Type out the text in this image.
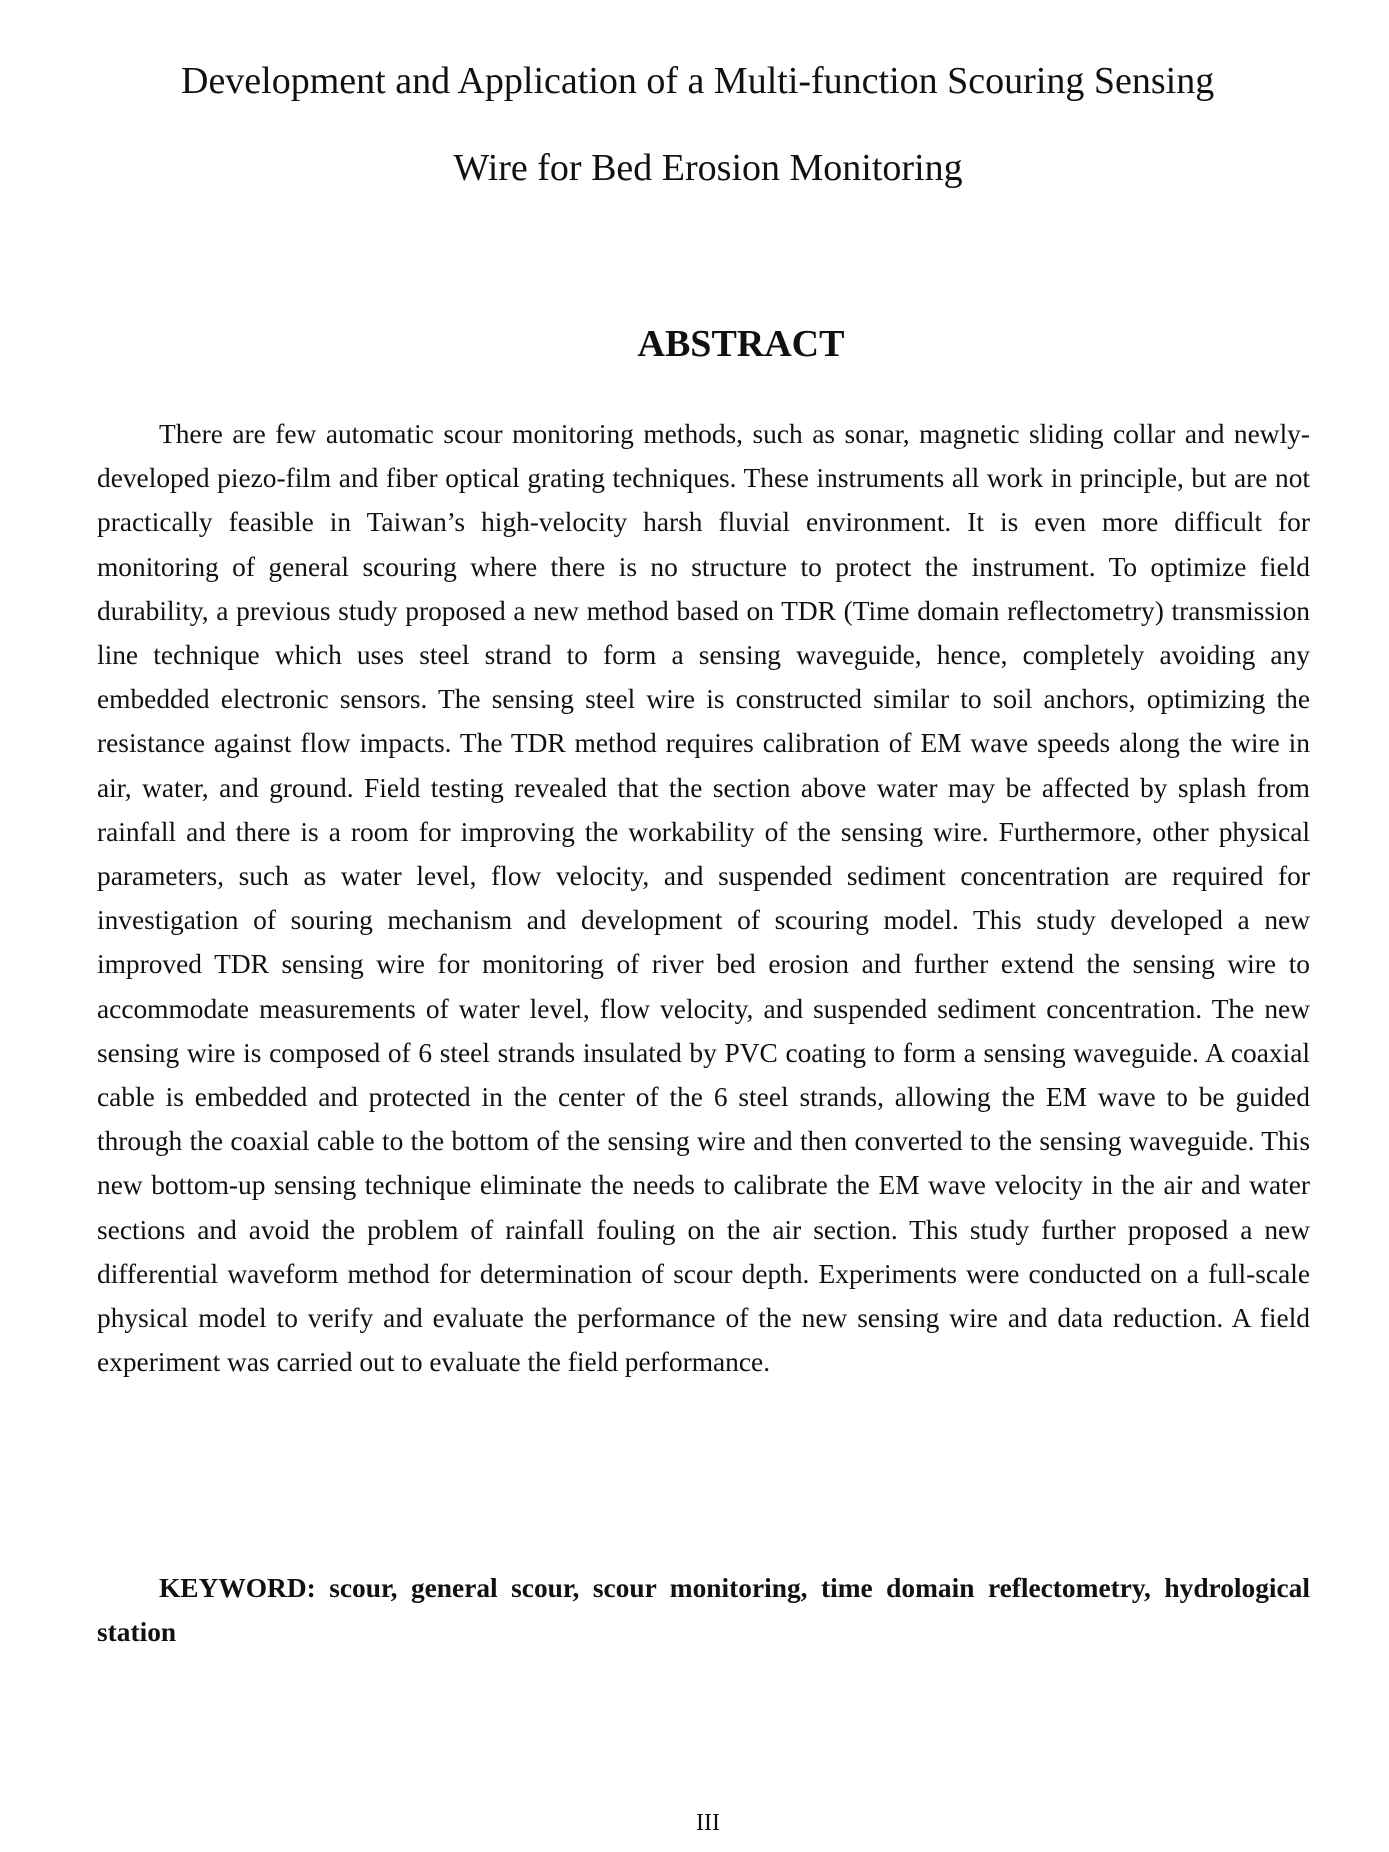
Development and Application of a Multi-function Scouring Sensing
Wire for Bed Erosion Monitoring
ABSTRACT

There are few automatic scour monitoring methods, such as sonar, magnetic sliding collar and newly-developed piezo-film and fiber optical grating techniques. These instruments all work in principle, but are not practically feasible in Taiwan’s high-velocity harsh fluvial environment. It is even more difficult for monitoring of general scouring where there is no structure to protect the instrument. To optimize field durability, a previous study proposed a new method based on TDR (Time domain reflectometry) transmission line technique which uses steel strand to form a sensing waveguide, hence, completely avoiding any embedded electronic sensors. The sensing steel wire is constructed similar to soil anchors, optimizing the resistance against flow impacts. The TDR method requires calibration of EM wave speeds along the wire in air, water, and ground. Field testing revealed that the section above water may be affected by splash from rainfall and there is a room for improving the workability of the sensing wire. Furthermore, other physical parameters, such as water level, flow velocity, and suspended sediment concentration are required for investigation of souring mechanism and development of scouring model. This study developed a new improved TDR sensing wire for monitoring of river bed erosion and further extend the sensing wire to accommodate measurements of water level, flow velocity, and suspended sediment concentration. The new sensing wire is composed of 6 steel strands insulated by PVC coating to form a sensing waveguide. A coaxial cable is embedded and protected in the center of the 6 steel strands, allowing the EM wave to be guided through the coaxial cable to the bottom of the sensing wire and then converted to the sensing waveguide. This new bottom-up sensing technique eliminate the needs to calibrate the EM wave velocity in the air and water sections and avoid the problem of rainfall fouling on the air section. This study further proposed a new differential waveform method for determination of scour depth. Experiments were conducted on a full-scale physical model to verify and evaluate the performance of the new sensing wire and data reduction. A field experiment was carried out to evaluate the field performance.

KEYWORD: scour, general scour, scour monitoring, time domain reflectometry, hydrological station

III
